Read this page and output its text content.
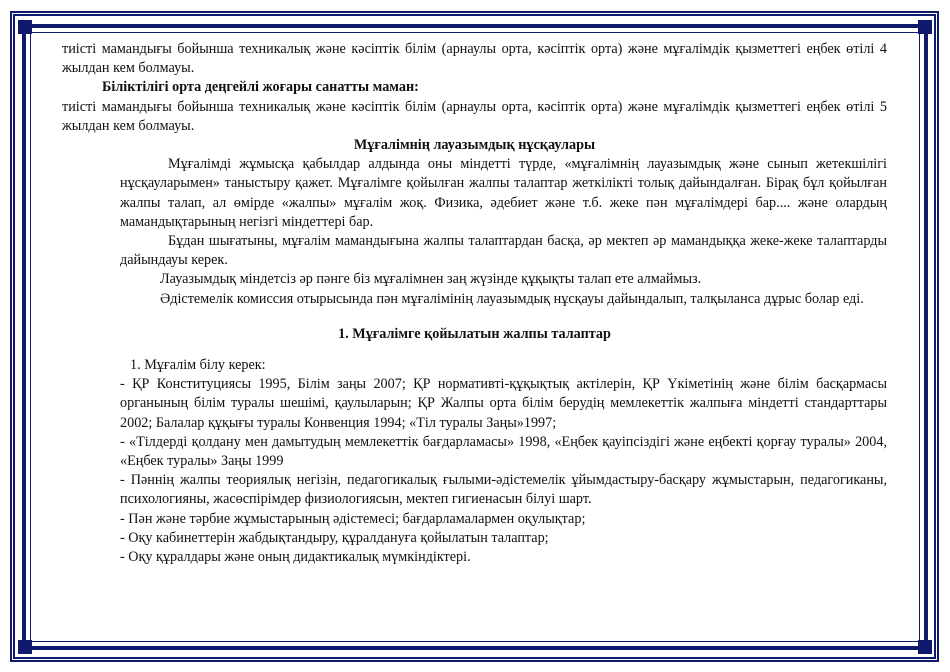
тиісті мамандығы бойынша техникалық және кәсіптік білім (арнаулы орта, кәсіптік орта) және мұғалімдік қызметтегі еңбек өтілі 4 жылдан кем болмауы.

Біліктілігі орта деңгейлі жоғары санатты маман:

тиісті мамандығы бойынша техникалық және кәсіптік білім (арнаулы орта, кәсіптік орта) және мұғалімдік қызметтегі еңбек өтілі 5 жылдан кем болмауы.

Мұғалімнің лауазымдық нұсқаулары

Мұғалімді жұмысқа қабылдар алдында оны міндетті түрде, «мұғалімнің лауазымдық және сынып жетекшілігі нұсқауларымен» таныстыру қажет. Мұғалімге қойылған жалпы талаптар жеткілікті толық дайындалған. Бірақ бұл қойылған жалпы талап, ал өмірде «жалпы» мұғалім жоқ. Физика, әдебиет және т.б. жеке пән мұғалімдері бар.... және олардың мамандықтарының негізгі міндеттері бар.

Бұдан шығатыны, мұғалім мамандығына жалпы талаптардан басқа, әр мектеп әр мамандыққа жеке-жеке талаптарды дайындауы керек.

Лауазымдық міндетсіз әр пәнге біз мұғалімнен заң жүзінде құқықты талап ете алмаймыз.

Әдістемелік комиссия отырысында пән мұғалімінің лауазымдық нұсқауы дайындалып, талқыланса дұрыс болар еді.

1. Мұғалімге қойылатын жалпы талаптар

1. Мұғалім білу керек:

- ҚР Конституциясы 1995, Білім заңы 2007; ҚР нормативті-құқықтық актілерін, ҚР Үкіметінің және білім басқармасы органының білім туралы шешімі, қаулыларын; ҚР Жалпы орта білім берудің мемлекеттік жалпыға міндетті стандарттары 2002; Балалар құқығы туралы Конвенция 1994; «Тіл туралы Заңы»1997;

- «Тілдерді қолдану мен дамытудың мемлекеттік бағдарламасы» 1998, «Еңбек қауіпсіздігі және еңбекті қорғау туралы» 2004, «Еңбек туралы» Заңы 1999

- Пәннің жалпы теориялық негізін, педагогикалық ғылыми-әдістемелік ұйымдастыру-басқару жұмыстарын, педагогиканы, психологияны, жасөспірімдер физиологиясын, мектеп гигиенасын білуі шарт.

- Пән және тәрбие жұмыстарының әдістемесі; бағдарламалармен оқулықтар;

- Оқу кабинеттерін жабдықтандыру, құралдануға қойылатын талаптар;

- Оқу құралдары және оның дидактикалық мүмкіндіктері.
